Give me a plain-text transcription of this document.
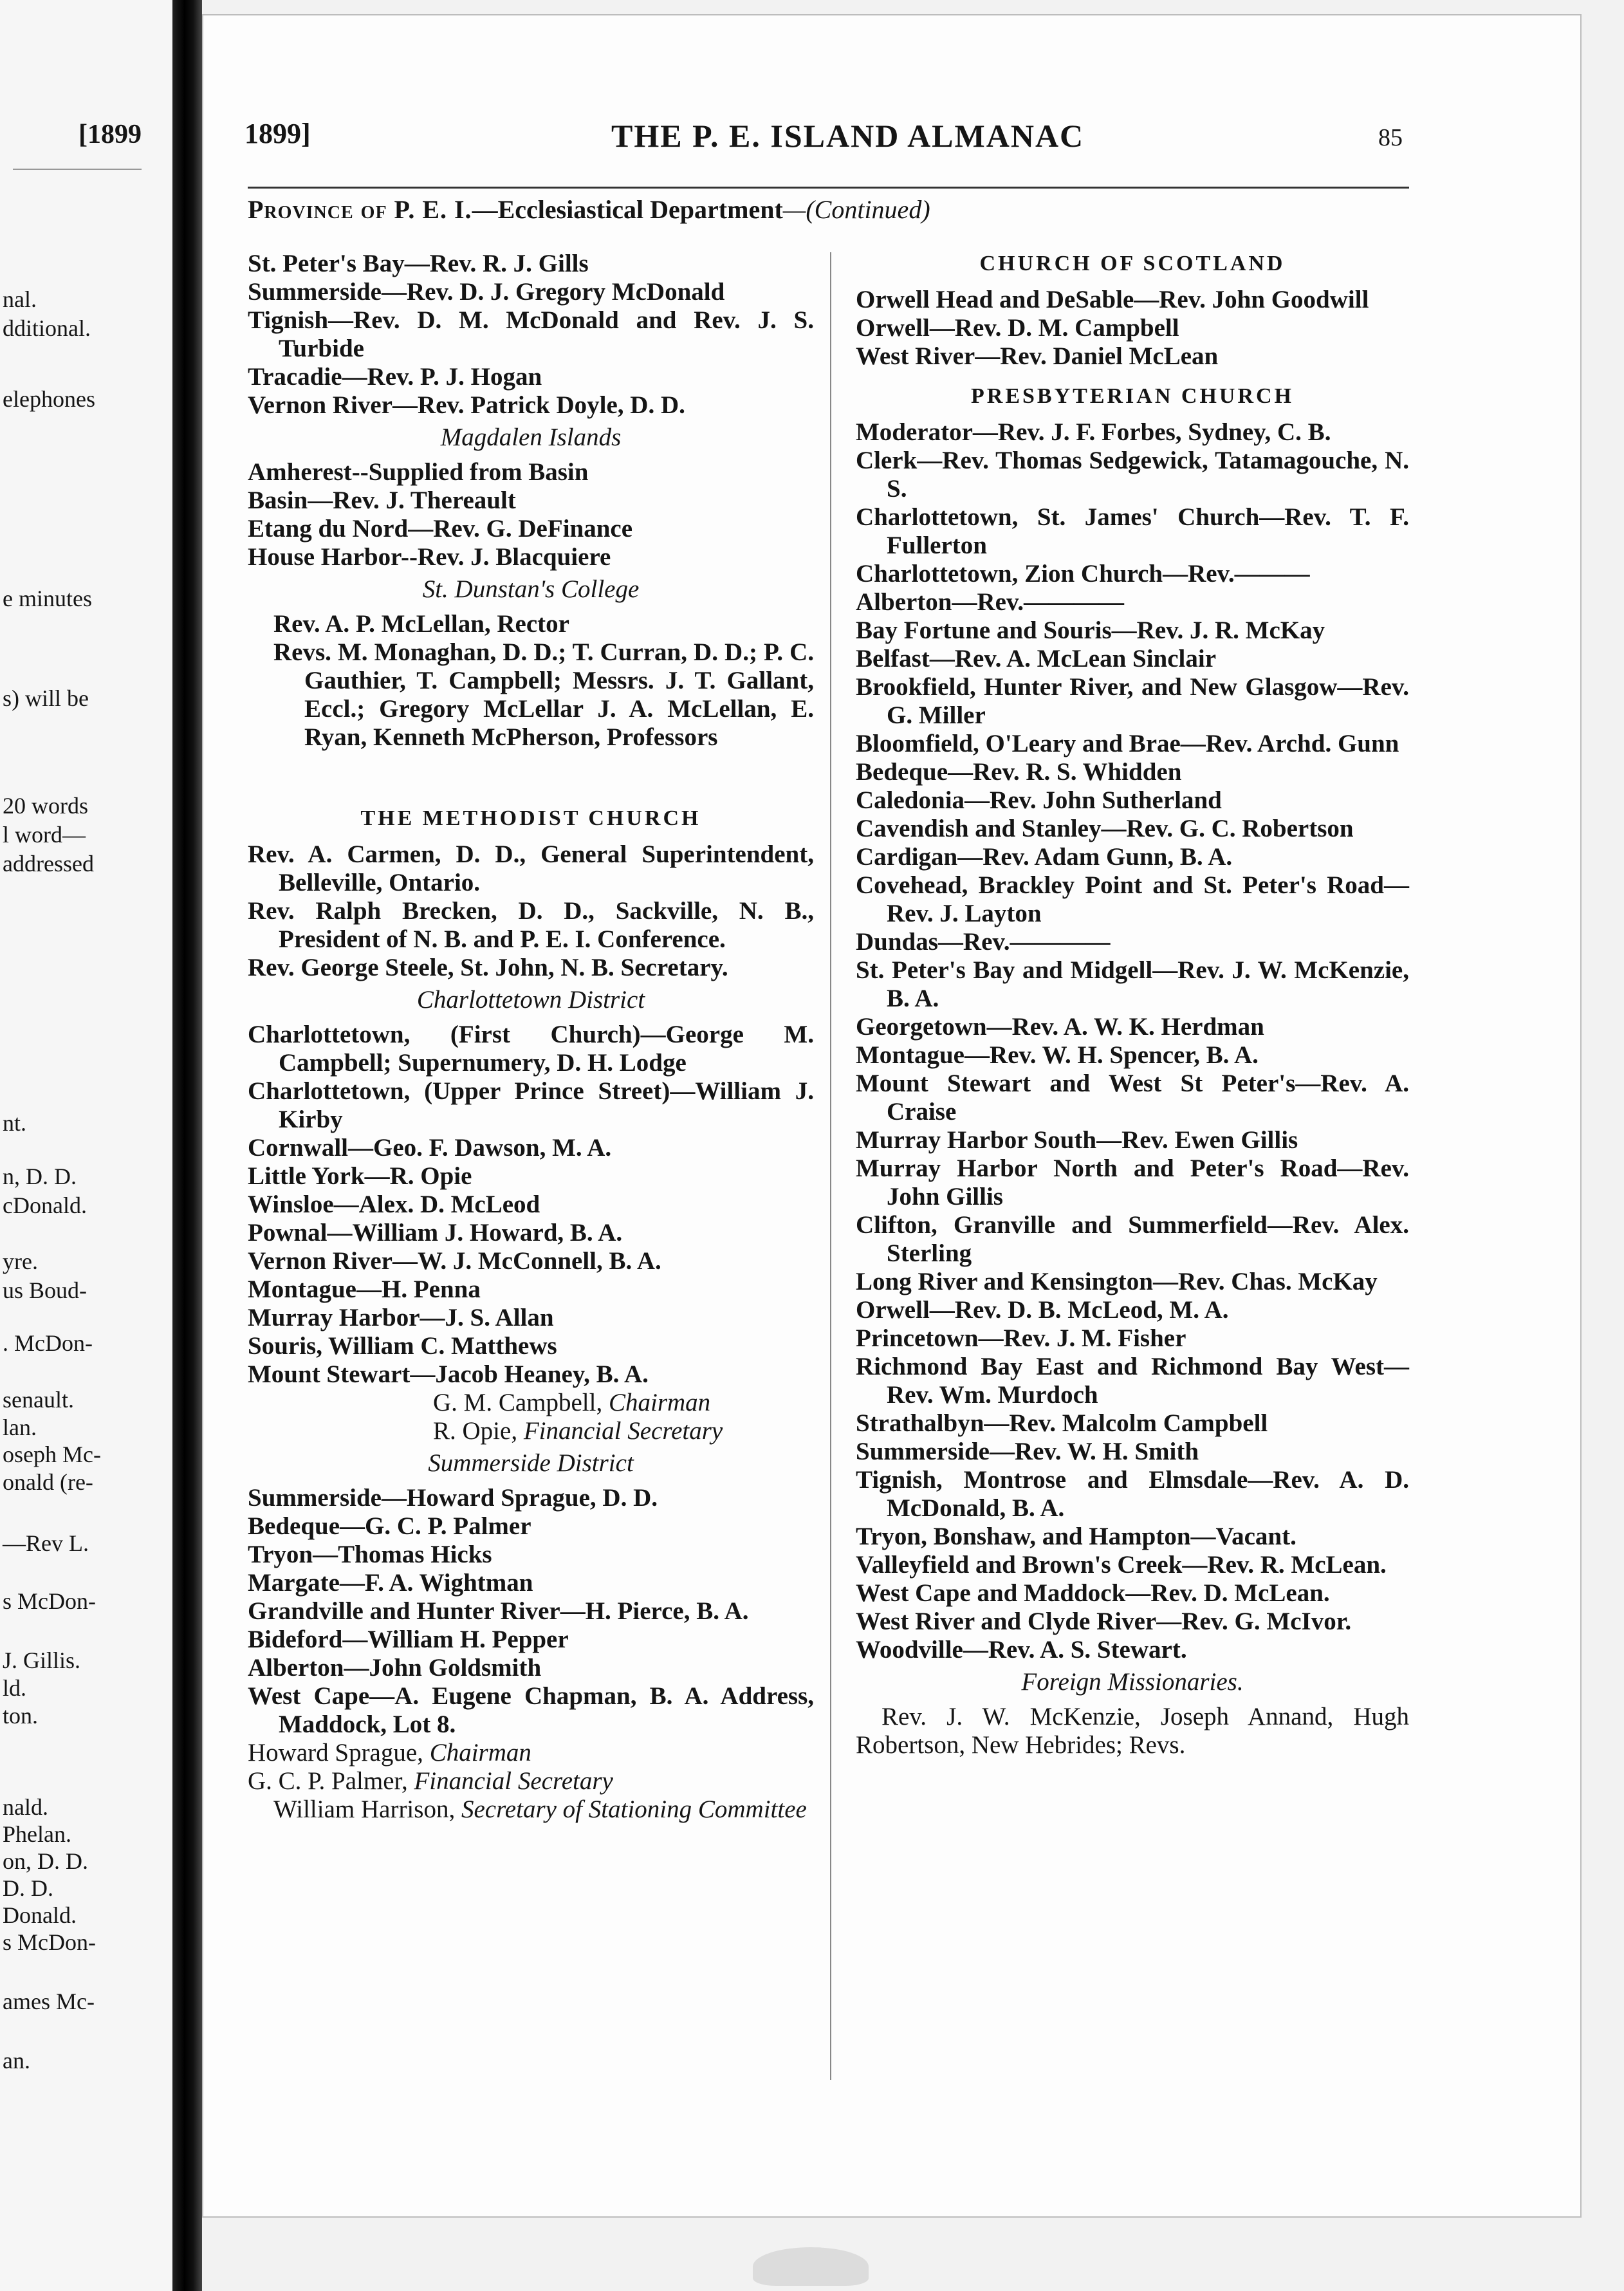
[1899
nal.
dditional.
elephones
e minutes
s) will be
20 words
l word—
addressed
nt.
n, D. D.
cDonald.
yre.
us Boud-
. McDon-
senault.
lan.
oseph Mc-
onald (re-
—Rev L.
s McDon-
J. Gillis.
ld.
ton.
nald.
Phelan.
on, D. D.
D. D.
Donald.
s McDon-
ames Mc-
an.
1899]	THE P. E. ISLAND ALMANAC	85
Province of P. E. I.—Ecclesiastical Department—(Continued)

St. Peter's Bay—Rev. R. J. Gills

Summerside—Rev. D. J. Gregory McDonald

Tignish—Rev. D. M. McDonald and Rev. J. S. Turbide

Tracadie—Rev. P. J. Hogan

Vernon River—Rev. Patrick Doyle, D. D.

Magdalen Islands

Amherest--Supplied from Basin

Basin—Rev. J. Thereault

Etang du Nord—Rev. G. DeFinance

House Harbor--Rev. J. Blacquiere

St. Dunstan's College

Rev. A. P. McLellan, Rector

Revs. M. Monaghan, D. D.; T. Curran, D. D.; P. C. Gauthier, T. Campbell; Messrs. J. T. Gallant, Eccl.; Gregory McLellar J. A. McLellan, E. Ryan, Kenneth McPherson, Professors

THE METHODIST CHURCH

Rev. A. Carmen, D. D., General Superintendent, Belleville, Ontario.

Rev. Ralph Brecken, D. D., Sackville, N. B., President of N. B. and P. E. I. Conference.

Rev. George Steele, St. John, N. B. Secretary.

Charlottetown District

Charlottetown, (First Church)—George M. Campbell; Supernumery, D. H. Lodge

Charlottetown, (Upper Prince Street)—William J. Kirby

Cornwall—Geo. F. Dawson, M. A.

Little York—R. Opie

Winsloe—Alex. D. McLeod

Pownal—William J. Howard, B. A.

Vernon River—W. J. McConnell, B. A.

Montague—H. Penna

Murray Harbor—J. S. Allan

Souris, William C. Matthews

Mount Stewart—Jacob Heaney, B. A.

G. M. Campbell, Chairman

R. Opie, Financial Secretary

Summerside District

Summerside—Howard Sprague, D. D.

Bedeque—G. C. P. Palmer

Tryon—Thomas Hicks

Margate—F. A. Wightman

Grandville and Hunter River—H. Pierce, B. A.

Bideford—William H. Pepper

Alberton—John Goldsmith

West Cape—A. Eugene Chapman, B. A. Address, Maddock, Lot 8.

Howard Sprague, Chairman

G. C. P. Palmer, Financial Secretary

William Harrison, Secretary of Stationing Committee

CHURCH OF SCOTLAND

Orwell Head and DeSable—Rev. John Goodwill

Orwell—Rev. D. M. Campbell

West River—Rev. Daniel McLean

PRESBYTERIAN CHURCH

Moderator—Rev. J. F. Forbes, Sydney, C. B.

Clerk—Rev. Thomas Sedgewick, Tatamagouche, N. S.

Charlottetown, St. James' Church—Rev. T. F. Fullerton

Charlottetown, Zion Church—Rev.———

Alberton—Rev.————

Bay Fortune and Souris—Rev. J. R. McKay

Belfast—Rev. A. McLean Sinclair

Brookfield, Hunter River, and New Glasgow—Rev. G. Miller

Bloomfield, O'Leary and Brae—Rev. Archd. Gunn

Bedeque—Rev. R. S. Whidden

Caledonia—Rev. John Sutherland

Cavendish and Stanley—Rev. G. C. Robertson

Cardigan—Rev. Adam Gunn, B. A.

Covehead, Brackley Point and St. Peter's Road—Rev. J. Layton

Dundas—Rev.————

St. Peter's Bay and Midgell—Rev. J. W. McKenzie, B. A.

Georgetown—Rev. A. W. K. Herdman

Montague—Rev. W. H. Spencer, B. A.

Mount Stewart and West St Peter's—Rev. A. Craise

Murray Harbor South—Rev. Ewen Gillis

Murray Harbor North and Peter's Road—Rev. John Gillis

Clifton, Granville and Summerfield—Rev. Alex. Sterling

Long River and Kensington—Rev. Chas. McKay

Orwell—Rev. D. B. McLeod, M. A.

Princetown—Rev. J. M. Fisher

Richmond Bay East and Richmond Bay West—Rev. Wm. Murdoch

Strathalbyn—Rev. Malcolm Campbell

Summerside—Rev. W. H. Smith

Tignish, Montrose and Elmsdale—Rev. A. D. McDonald, B. A.

Tryon, Bonshaw, and Hampton—Vacant.

Valleyfield and Brown's Creek—Rev. R. McLean.

West Cape and Maddock—Rev. D. McLean.

West River and Clyde River—Rev. G. McIvor.

Woodville—Rev. A. S. Stewart.

Foreign Missionaries.

Rev. J. W. McKenzie, Joseph Annand, Hugh Robertson, New Hebrides; Revs.
